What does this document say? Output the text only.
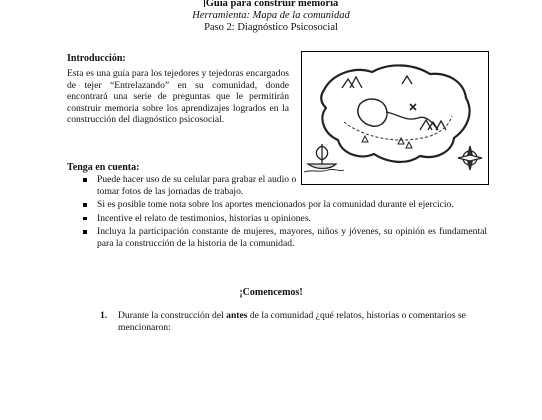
Guía para construir memoria
Herramienta: Mapa de la comunidad
Paso 2: Diagnóstico Psicosocial
Introducción:

Esta es una guía para los tejedores y tejedoras encargados de tejer “Entrelazando” en su comunidad, donde encontrará una serie de preguntas que le permitirán construir memoria sobre los aprendizajes logrados en la construcción del diagnóstico psicosocial.

Tenga en cuenta:
Puede hacer uso de su celular para grabar el audio o tomar fotos de las jornadas de trabajo.
Si es posible tome nota sobre los aportes mencionados por la comunidad durante el ejercicio.
Incentive el relato de testimonios, historias u opiniones.
Incluya la participación constante de mujeres, mayores, niños y jóvenes, su opinión es fundamental para la construcción de la historia de la comunidad.
¡Comencemos!

1. Durante la construcción del antes de la comunidad ¿qué relatos, historias o comentarios se mencionaron:
